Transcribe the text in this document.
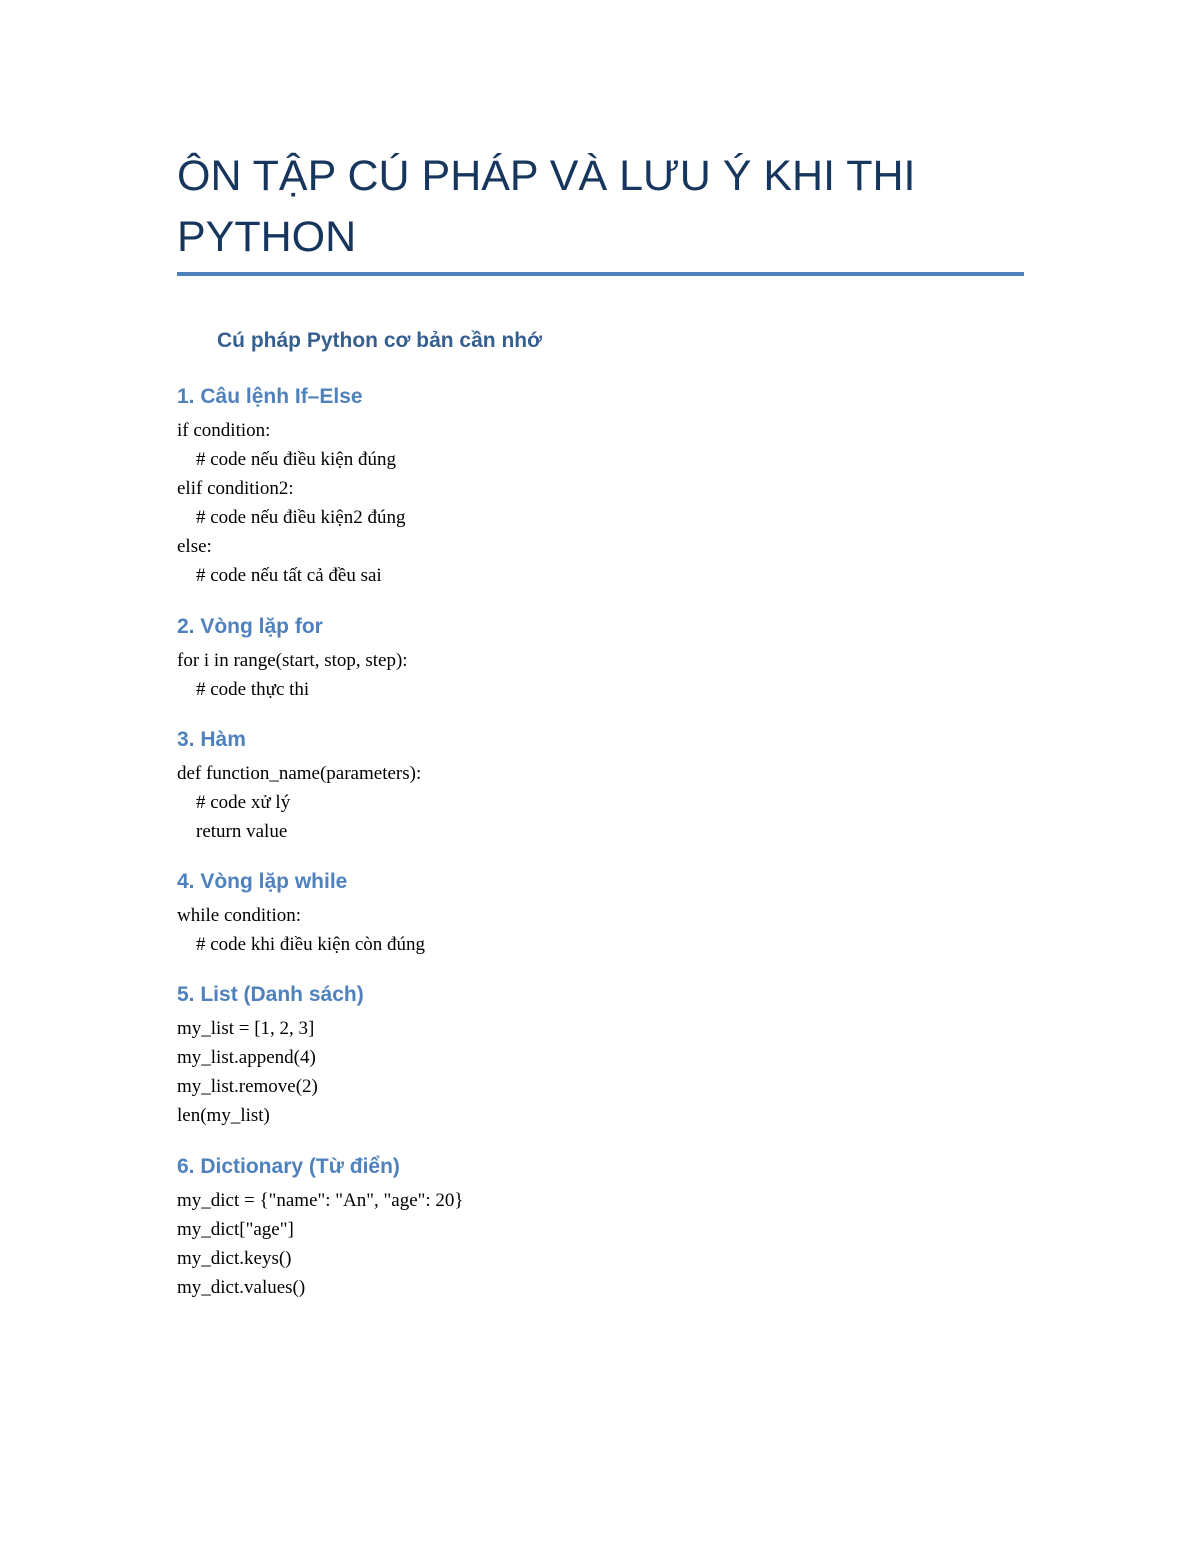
ÔN TẬP CÚ PHÁP VÀ LƯU Ý KHI THI PYTHON
Cú pháp Python cơ bản cần nhớ
1. Câu lệnh If–Else
if condition:
# code nếu điều kiện đúng
elif condition2:
# code nếu điều kiện2 đúng
else:
# code nếu tất cả đều sai
2. Vòng lặp for
for i in range(start, stop, step):
# code thực thi
3. Hàm
def function_name(parameters):
# code xử lý
return value
4. Vòng lặp while
while condition:
# code khi điều kiện còn đúng
5. List (Danh sách)
my_list = [1, 2, 3]
my_list.append(4)
my_list.remove(2)
len(my_list)
6. Dictionary (Từ điển)
my_dict = {"name": "An", "age": 20}
my_dict["age"]
my_dict.keys()
my_dict.values()
